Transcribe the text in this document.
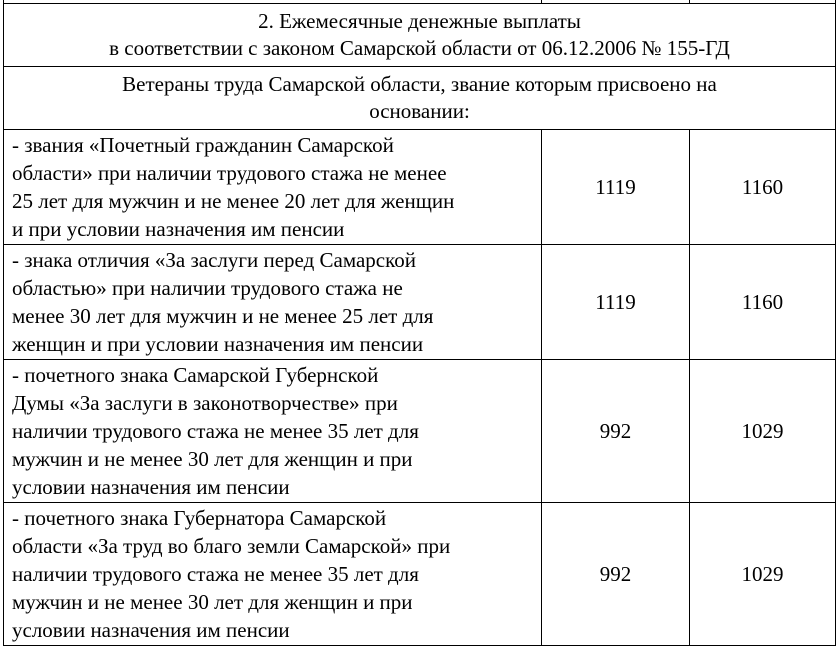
2. Ежемесячные денежные выплаты
в соответствии с законом Самарской области от 06.12.2006 № 155-ГД		

Ветераны труда Самарской области, звание которым присвоено на
основании:		

- звания «Почетный гражданин Самарской
области» при наличии трудового стажа не менее
25 лет для мужчин и не менее 20 лет для женщин
и при условии назначения им пенсии	1119	1160

- знака отличия «За заслуги перед Самарской
областью» при наличии трудового стажа не
менее 30 лет для мужчин и не менее 25 лет для
женщин и при условии назначения им пенсии	1119	1160

- почетного знака Самарской Губернской
Думы «За заслуги в законотворчестве» при
наличии трудового стажа не менее 35 лет для
мужчин и не менее 30 лет для женщин и при
условии назначения им пенсии	992	1029

- почетного знака Губернатора Самарской
области «За труд во благо земли Самарской» при
наличии трудового стажа не менее 35 лет для
мужчин и не менее 30 лет для женщин и при
условии назначения им пенсии	992	1029
